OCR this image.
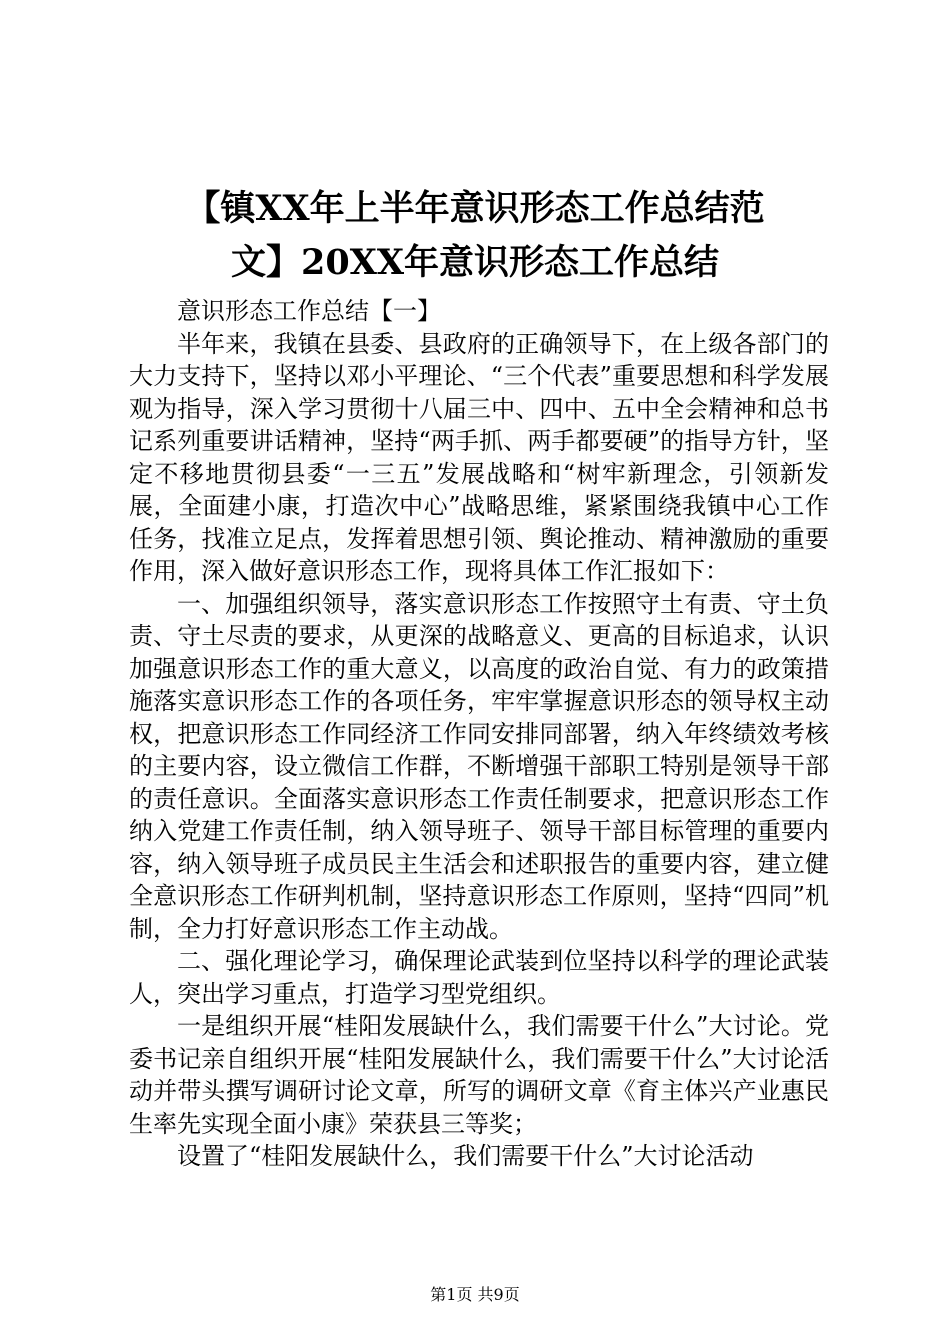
【镇XX年上半年意识形态工作总结范
文】20XX年意识形态工作总结

意识形态工作总结【一】

半年来，我镇在县委、县政府的正确领导下，在上级各部门的大力支持下，坚持以邓小平理论、“三个代表”重要思想和科学发展观为指导，深入学习贯彻十八届三中、四中、五中全会精神和总书记系列重要讲话精神，坚持“两手抓、两手都要硬”的指导方针，坚定不移地贯彻县委“一三五”发展战略和“树牢新理念，引领新发展，全面建小康，打造次中心”战略思维，紧紧围绕我镇中心工作任务，找准立足点，发挥着思想引领、舆论推动、精神激励的重要作用，深入做好意识形态工作，现将具体工作汇报如下：

一、加强组织领导，落实意识形态工作按照守土有责、守土负责、守土尽责的要求，从更深的战略意义、更高的目标追求，认识加强意识形态工作的重大意义，以高度的政治自觉、有力的政策措施落实意识形态工作的各项任务，牢牢掌握意识形态的领导权主动权，把意识形态工作同经济工作同安排同部署，纳入年终绩效考核的主要内容，设立微信工作群，不断增强干部职工特别是领导干部的责任意识。全面落实意识形态工作责任制要求，把意识形态工作纳入党建工作责任制，纳入领导班子、领导干部目标管理的重要内容，纳入领导班子成员民主生活会和述职报告的重要内容，建立健全意识形态工作研判机制，坚持意识形态工作原则，坚持“四同”机制，全力打好意识形态工作主动战。

二、强化理论学习，确保理论武装到位坚持以科学的理论武装人，突出学习重点，打造学习型党组织。

一是组织开展“桂阳发展缺什么，我们需要干什么”大讨论。党委书记亲自组织开展“桂阳发展缺什么，我们需要干什么”大讨论活动并带头撰写调研讨论文章，所写的调研文章《育主体兴产业惠民生率先实现全面小康》荣获县三等奖；

设置了“桂阳发展缺什么，我们需要干什么”大讨论活动

第1页 共9页
